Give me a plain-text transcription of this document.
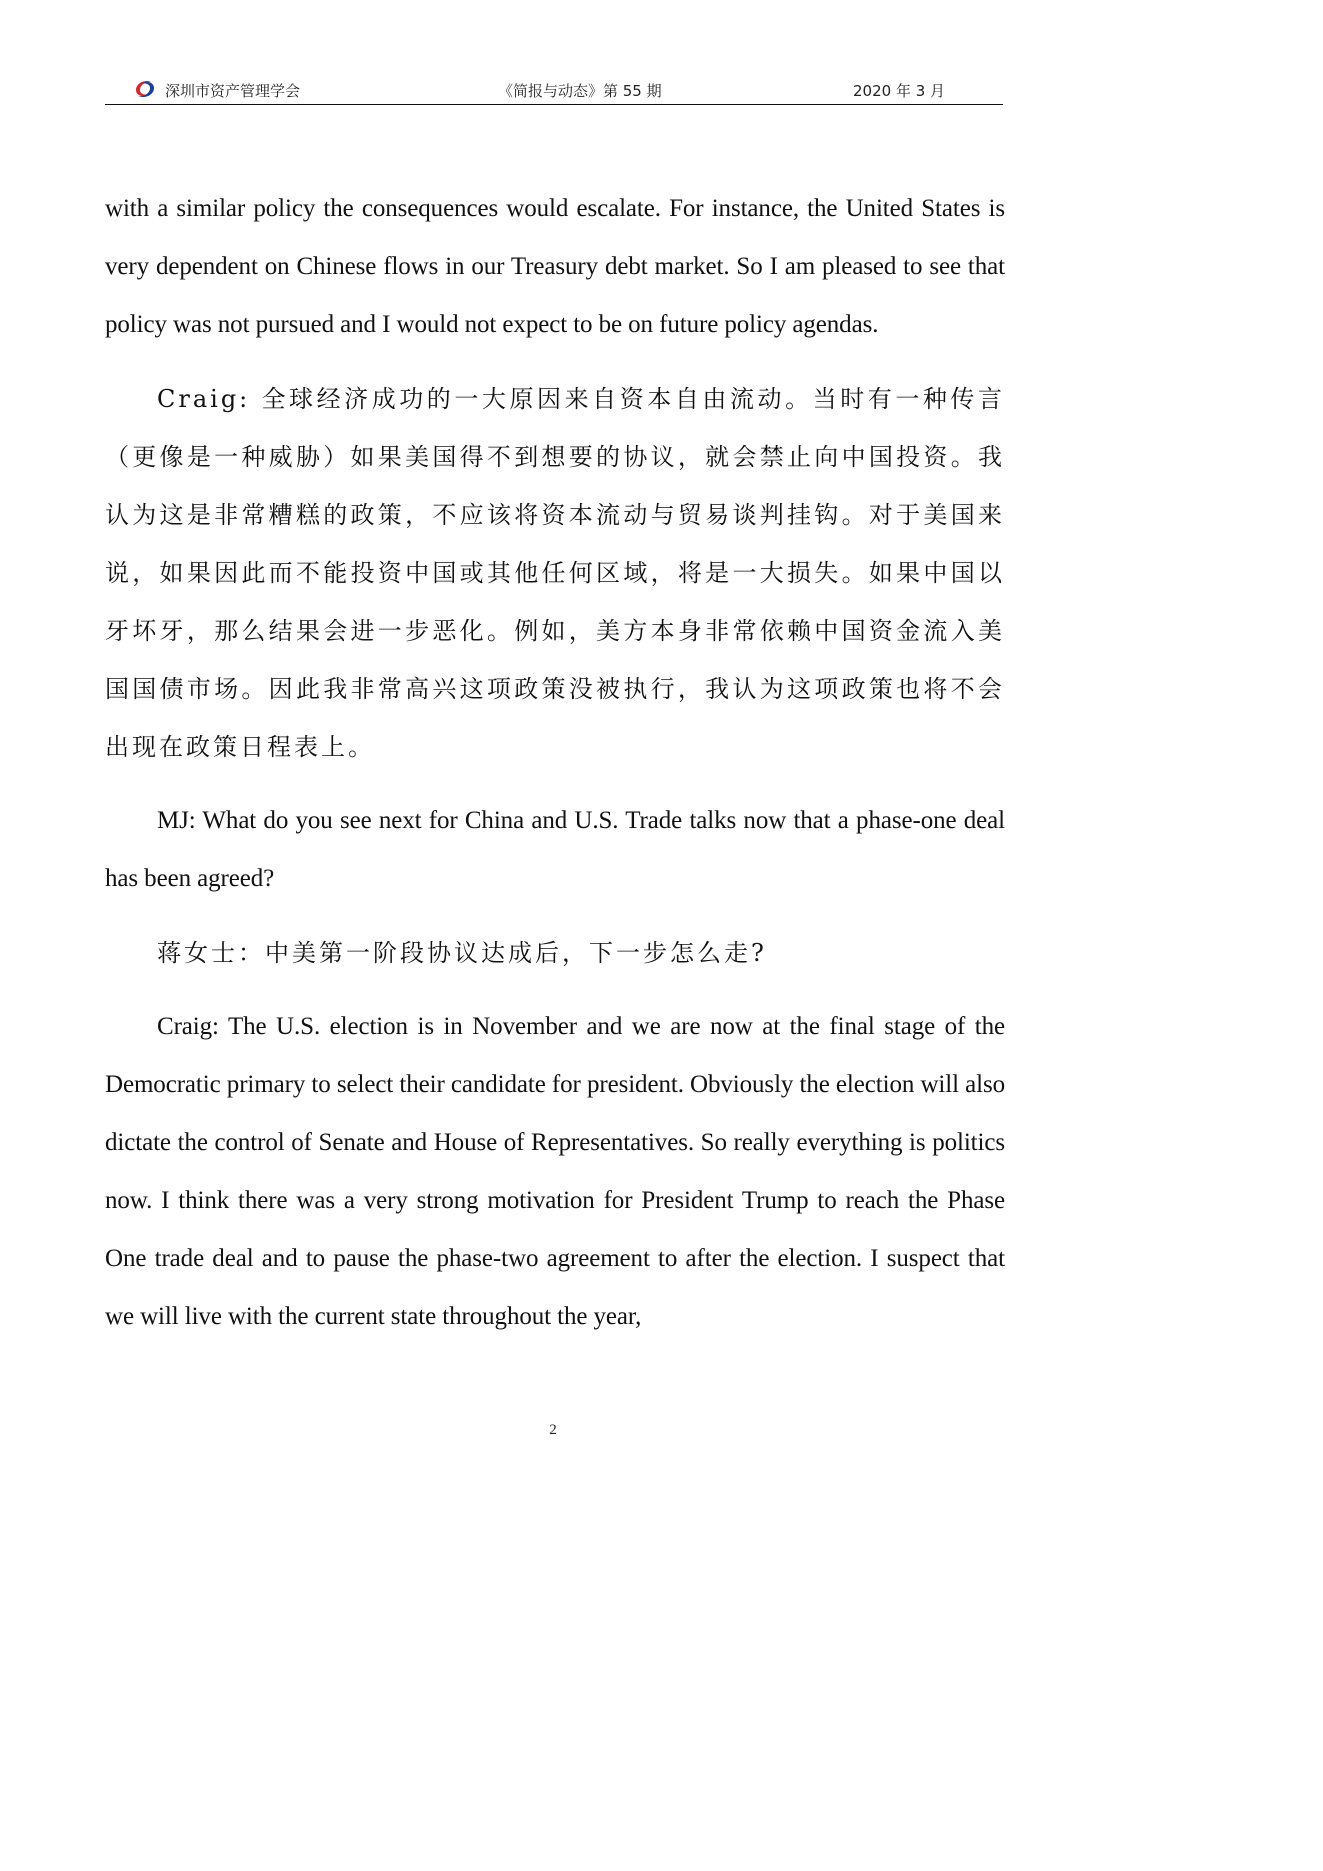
深圳市资产管理学会	《简报与动态》第 55 期	2020 年 3 月

with a similar policy the consequences would escalate. For instance, the United States is very dependent on Chinese flows in our Treasury debt market. So I am pleased to see that policy was not pursued and I would not expect to be on future policy agendas.

Craig: 全球经济成功的一大原因来自资本自由流动。当时有一种传言（更像是一种威胁）如果美国得不到想要的协议，就会禁止向中国投资。我认为这是非常糟糕的政策，不应该将资本流动与贸易谈判挂钩。对于美国来说，如果因此而不能投资中国或其他任何区域，将是一大损失。如果中国以牙坏牙，那么结果会进一步恶化。例如，美方本身非常依赖中国资金流入美国国债市场。因此我非常高兴这项政策没被执行，我认为这项政策也将不会出现在政策日程表上。

MJ: What do you see next for China and U.S. Trade talks now that a phase-one deal has been agreed?

蒋女士：中美第一阶段协议达成后，下一步怎么走?

Craig: The U.S. election is in November and we are now at the final stage of the Democratic primary to select their candidate for president. Obviously the election will also dictate the control of Senate and House of Representatives. So really everything is politics now. I think there was a very strong motivation for President Trump to reach the Phase One trade deal and to pause the phase-two agreement to after the election. I suspect that we will live with the current state throughout the year,

2
